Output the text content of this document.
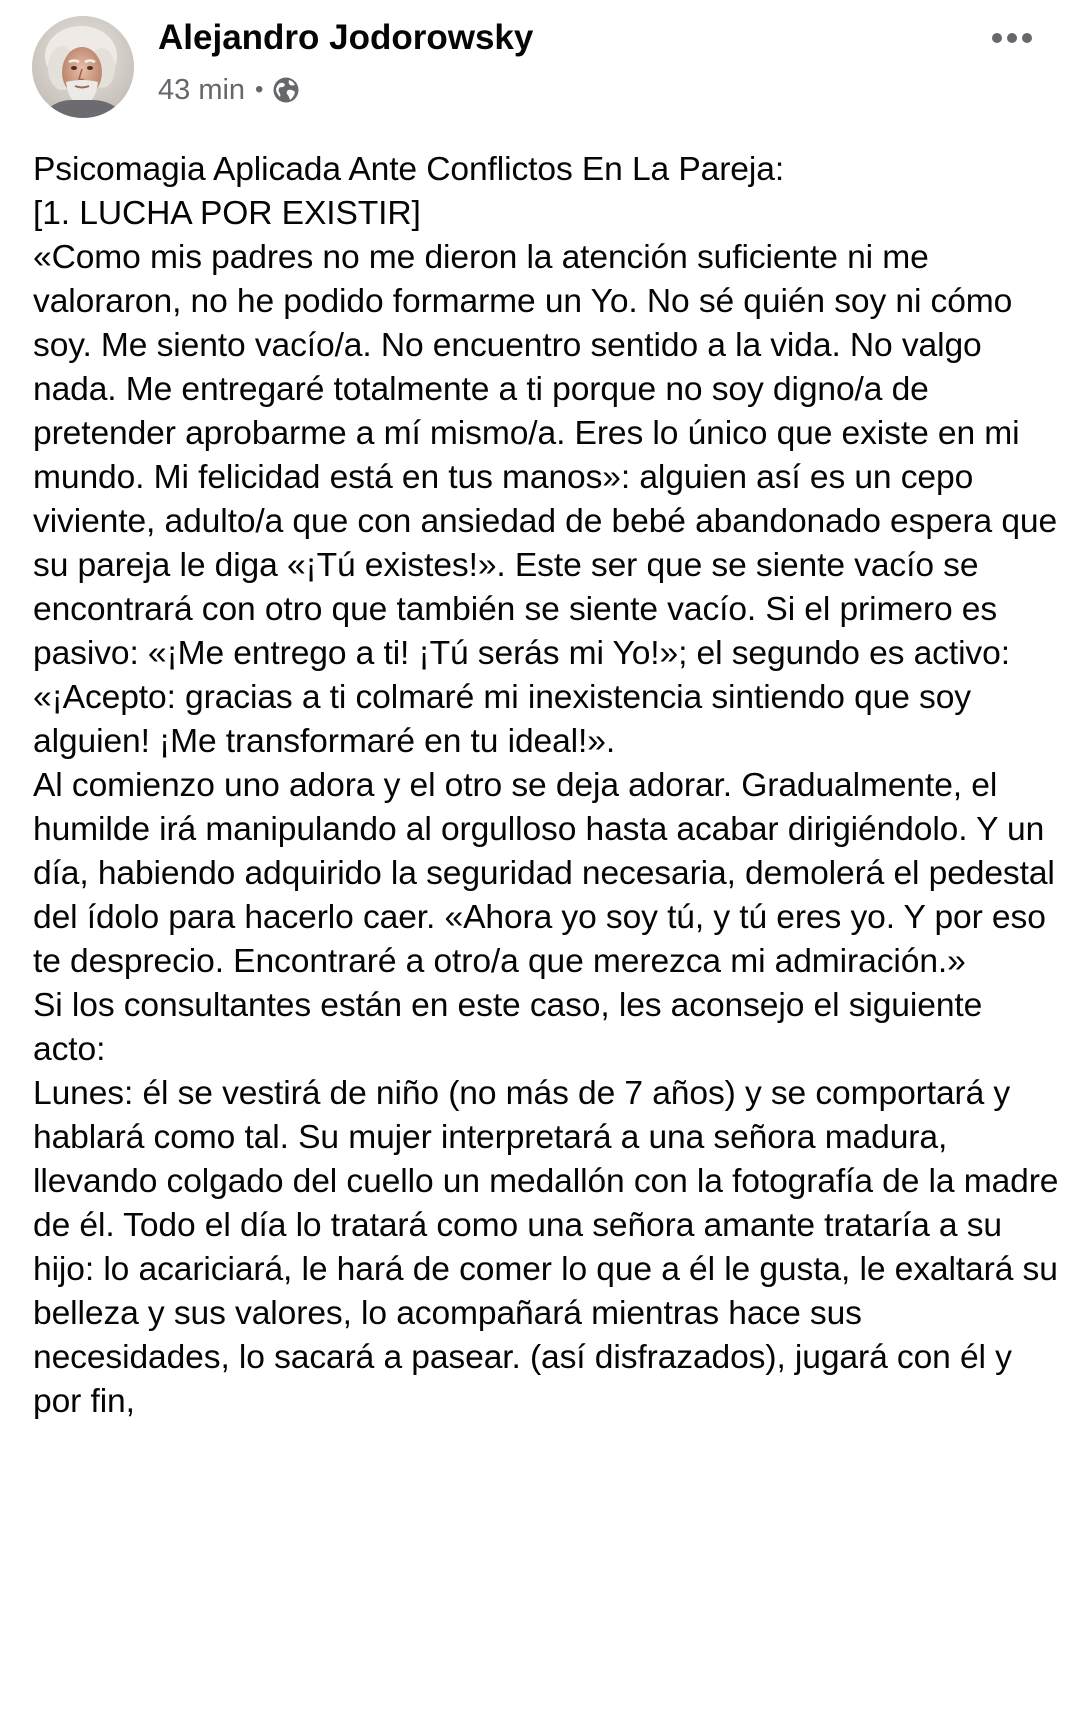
Alejandro Jodorowsky
43 min •

Psicomagia Aplicada Ante Conflictos En La Pareja:
[1. LUCHA POR EXISTIR]
«Como mis padres no me dieron la atención suficiente ni me valoraron, no he podido formarme un Yo. No sé quién soy ni cómo soy. Me siento vacío/a. No encuentro sentido a la vida. No valgo nada. Me entregaré totalmente a ti porque no soy digno/a de pretender aprobarme a mí mismo/a. Eres lo único que existe en mi mundo. Mi felicidad está en tus manos»: alguien así es un cepo viviente, adulto/a que con ansiedad de bebé abandonado espera que su pareja le diga «¡Tú existes!». Este ser que se siente vacío se encontrará con otro que también se siente vacío. Si el primero es pasivo: «¡Me entrego a ti! ¡Tú serás mi Yo!»; el segundo es activo: «¡Acepto: gracias a ti colmaré mi inexistencia sintiendo que soy alguien! ¡Me transformaré en tu ideal!».
Al comienzo uno adora y el otro se deja adorar. Gradualmente, el humilde irá manipulando al orgulloso hasta acabar dirigiéndolo. Y un día, habiendo adquirido la seguridad necesaria, demolerá el pedestal del ídolo para hacerlo caer. «Ahora yo soy tú, y tú eres yo. Y por eso te desprecio. Encontraré a otro/a que merezca mi admiración.»
Si los consultantes están en este caso, les aconsejo el siguiente acto:
Lunes: él se vestirá de niño (no más de 7 años) y se comportará y hablará como tal. Su mujer interpretará a una señora madura, llevando colgado del cuello un medallón con la fotografía de la madre de él. Todo el día lo tratará como una señora amante trataría a su hijo: lo acariciará, le hará de comer lo que a él le gusta, le exaltará su belleza y sus valores, lo acompañará mientras hace sus necesidades, lo sacará a pasear. (así disfrazados), jugará con él y por fin,
